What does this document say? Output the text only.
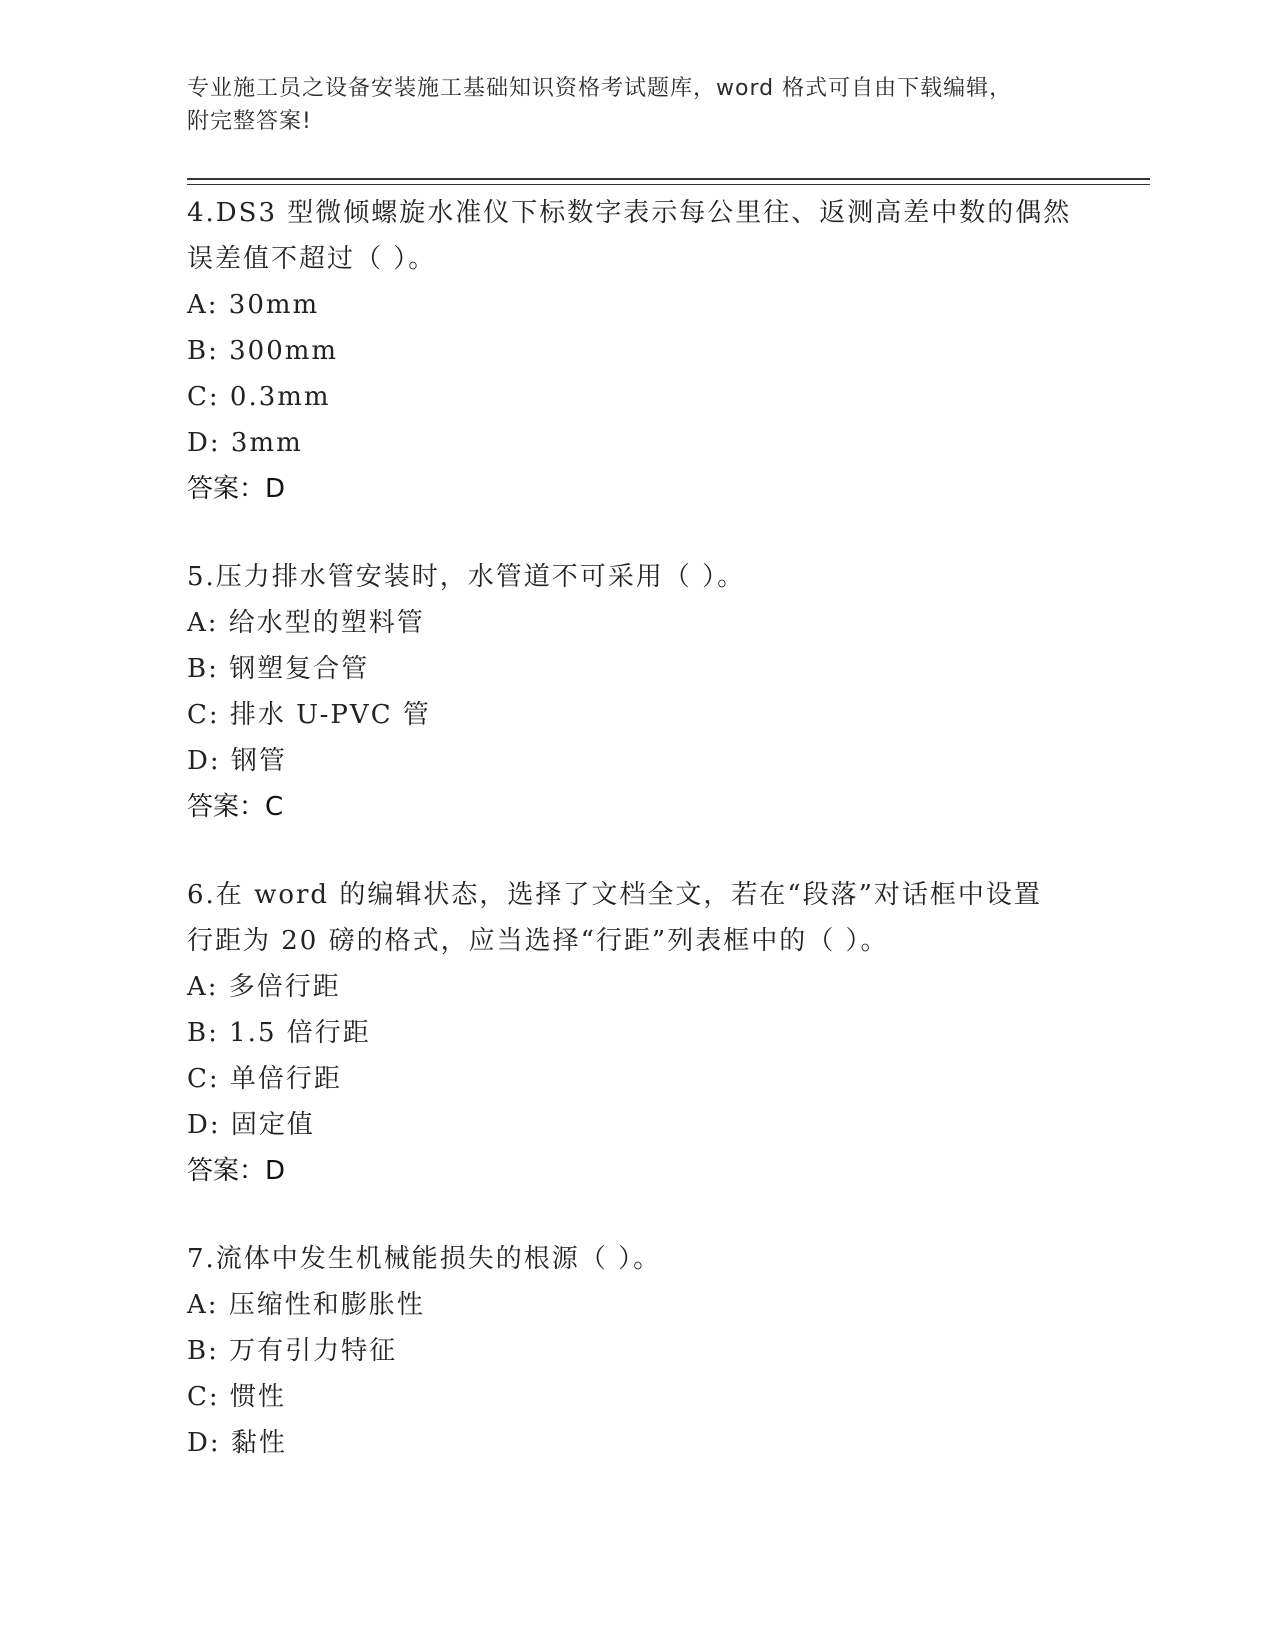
专业施工员之设备安装施工基础知识资格考试题库，word 格式可自由下载编辑，
附完整答案!

4.DS3 型微倾螺旋水准仪下标数字表示每公里往、返测高差中数的偶然

误差值不超过（ ）。

A: 30mm

B: 300mm

C: 0.3mm

D: 3mm

答案：D

5.压力排水管安装时，水管道不可采用（ ）。

A: 给水型的塑料管

B: 钢塑复合管

C: 排水 U-PVC 管

D: 钢管

答案：C

6.在 word 的编辑状态，选择了文档全文，若在“段落”对话框中设置

行距为 20 磅的格式，应当选择“行距”列表框中的（ ）。

A: 多倍行距

B: 1.5 倍行距

C: 单倍行距

D: 固定值

答案：D

7.流体中发生机械能损失的根源（ ）。

A: 压缩性和膨胀性

B: 万有引力特征

C: 惯性

D: 黏性
